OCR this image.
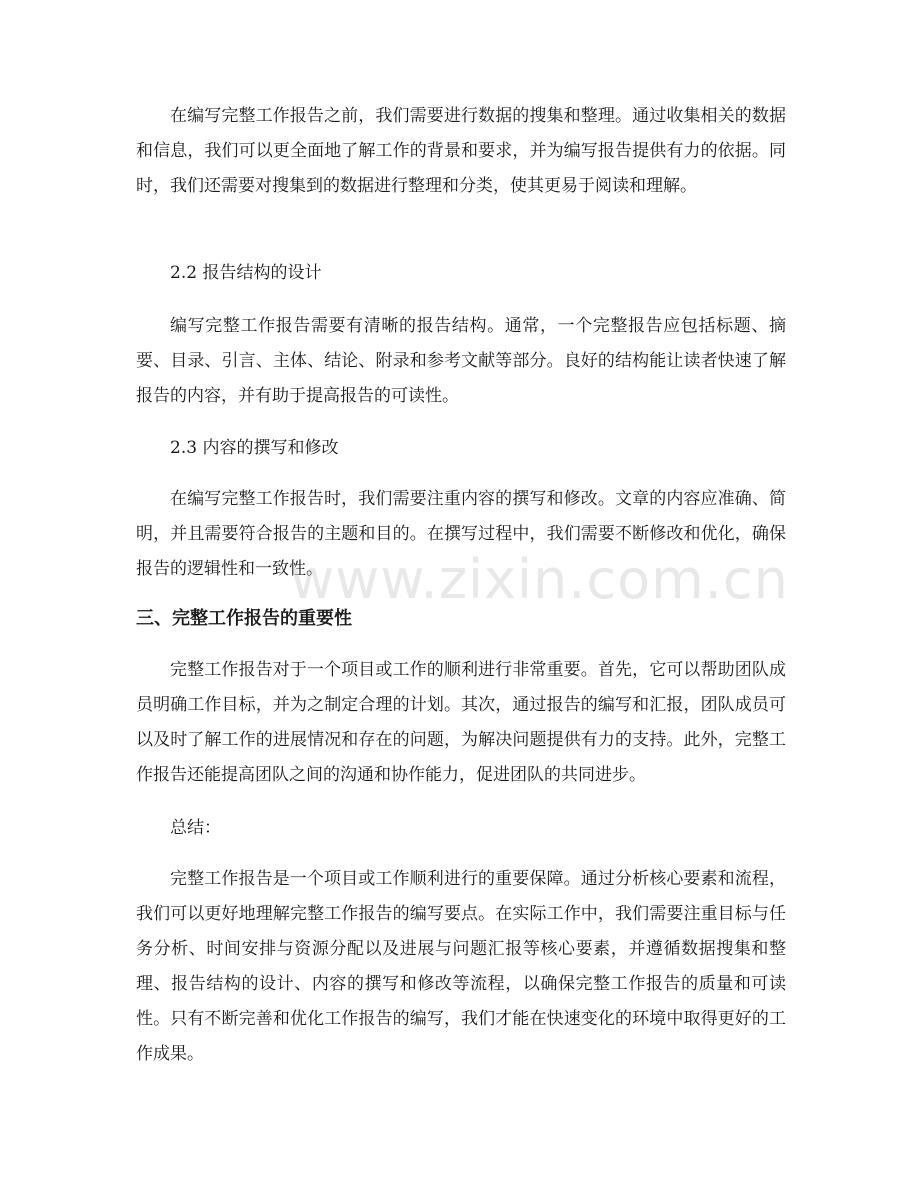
在编写完整工作报告之前，我们需要进行数据的搜集和整理。通过收集相关的数据和信息，我们可以更全面地了解工作的背景和要求，并为编写报告提供有力的依据。同时，我们还需要对搜集到的数据进行整理和分类，使其更易于阅读和理解。

2.2 报告结构的设计

编写完整工作报告需要有清晰的报告结构。通常，一个完整报告应包括标题、摘要、目录、引言、主体、结论、附录和参考文献等部分。良好的结构能让读者快速了解报告的内容，并有助于提高报告的可读性。

2.3 内容的撰写和修改

在编写完整工作报告时，我们需要注重内容的撰写和修改。文章的内容应准确、简明，并且需要符合报告的主题和目的。在撰写过程中，我们需要不断修改和优化，确保报告的逻辑性和一致性。

三、完整工作报告的重要性

完整工作报告对于一个项目或工作的顺利进行非常重要。首先，它可以帮助团队成员明确工作目标，并为之制定合理的计划。其次，通过报告的编写和汇报，团队成员可以及时了解工作的进展情况和存在的问题，为解决问题提供有力的支持。此外，完整工作报告还能提高团队之间的沟通和协作能力，促进团队的共同进步。

总结：

完整工作报告是一个项目或工作顺利进行的重要保障。通过分析核心要素和流程，我们可以更好地理解完整工作报告的编写要点。在实际工作中，我们需要注重目标与任务分析、时间安排与资源分配以及进展与问题汇报等核心要素，并遵循数据搜集和整理、报告结构的设计、内容的撰写和修改等流程，以确保完整工作报告的质量和可读性。只有不断完善和优化工作报告的编写，我们才能在快速变化的环境中取得更好的工作成果。

www.zixin.com.cn
